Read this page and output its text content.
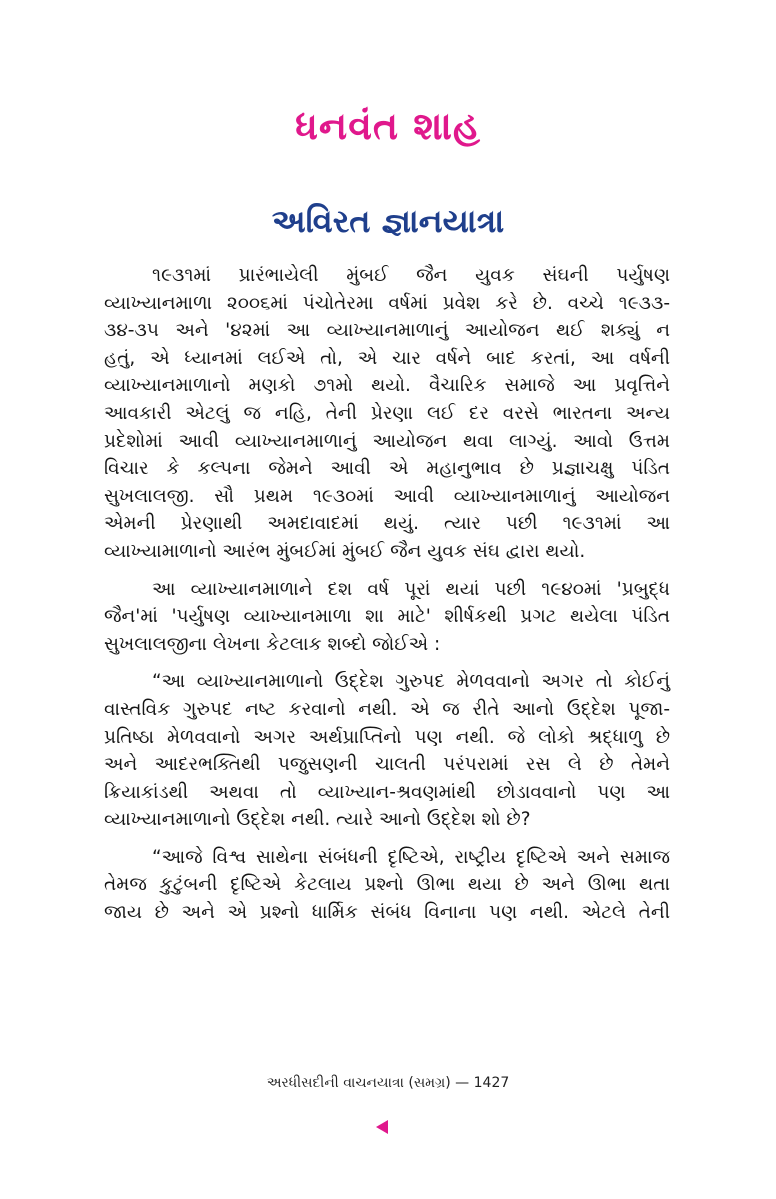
ધનવંત શાહ
અવિરત જ્ઞાનયાત્રા
૧૯૩૧માં પ્રારંભાયેલી મુંબઈ જૈન યુવક સંઘની પર્યુષણ
વ્યાખ્યાનમાળા ૨૦૦૬માં પંચોતેરમા વર્ષમાં પ્રવેશ કરે છે. વચ્ચે ૧૯૩૩-
૩૪-૩૫ અને '૪૨માં આ વ્યાખ્યાનમાળાનું આયોજન થઈ શક્યું ન
હતું, એ ધ્યાનમાં લઈએ તો, એ ચાર વર્ષને બાદ કરતાં, આ વર્ષની
વ્યાખ્યાનમાળાનો મણકો ૭૧મો થયો. વૈચારિક સમાજે આ પ્રવૃત્તિને
આવકારી એટલું જ નહિ, તેની પ્રેરણા લઈ દર વરસે ભારતના અન્ય
પ્રદેશોમાં આવી વ્યાખ્યાનમાળાનું આયોજન થવા લાગ્યું. આવો ઉત્તમ
વિચાર કે કલ્પના જેમને આવી એ મહાનુભાવ છે પ્રજ્ઞાચક્ષુ પંડિત
સુખલાલજી. સૌ પ્રથમ ૧૯૩૦માં આવી વ્યાખ્યાનમાળાનું આયોજન
એમની પ્રેરણાથી અમદાવાદમાં થયું. ત્યાર પછી ૧૯૩૧માં આ
વ્યાખ્યામાળાનો આરંભ મુંબઈમાં મુંબઈ જૈન યુવક સંઘ દ્વારા થયો.
આ વ્યાખ્યાનમાળાને દશ વર્ષ પૂરાં થયાં પછી ૧૯૪૦માં 'પ્રબુદ્ધ
જૈન'માં 'પર્યુષણ વ્યાખ્યાનમાળા શા માટે' શીર્ષકથી પ્રગટ થયેલા પંડિત
સુખલાલજીના લેખના કેટલાક શબ્દો જોઈએ :
“આ વ્યાખ્યાનમાળાનો ઉદ્દેશ ગુરુપદ મેળવવાનો અગર તો કોઈનું
વાસ્તવિક ગુરુપદ નષ્ટ કરવાનો નથી. એ જ રીતે આનો ઉદ્દેશ પૂજા-
પ્રતિષ્ઠા મેળવવાનો અગર અર્થપ્રાપ્તિનો પણ નથી. જે લોકો શ્રદ્ધાળુ છે
અને આદરભક્તિથી પજુસણની ચાલતી પરંપરામાં રસ લે છે તેમને
ક્રિયાકાંડથી અથવા તો વ્યાખ્યાન-શ્રવણમાંથી છોડાવવાનો પણ આ
વ્યાખ્યાનમાળાનો ઉદ્દેશ નથી. ત્યારે આનો ઉદ્દેશ શો છે?
“આજે વિશ્વ સાથેના સંબંધની દૃષ્ટિએ, રાષ્ટ્રીય દૃષ્ટિએ અને સમાજ
તેમજ કુટુંબની દૃષ્ટિએ કેટલાય પ્રશ્નો ઊભા થયા છે અને ઊભા થતા
જાય છે અને એ પ્રશ્નો ધાર્મિક સંબંધ વિનાના પણ નથી. એટલે તેની
અરધીસદીની વાચનયાત્રા (સમગ્ર) — 1427
